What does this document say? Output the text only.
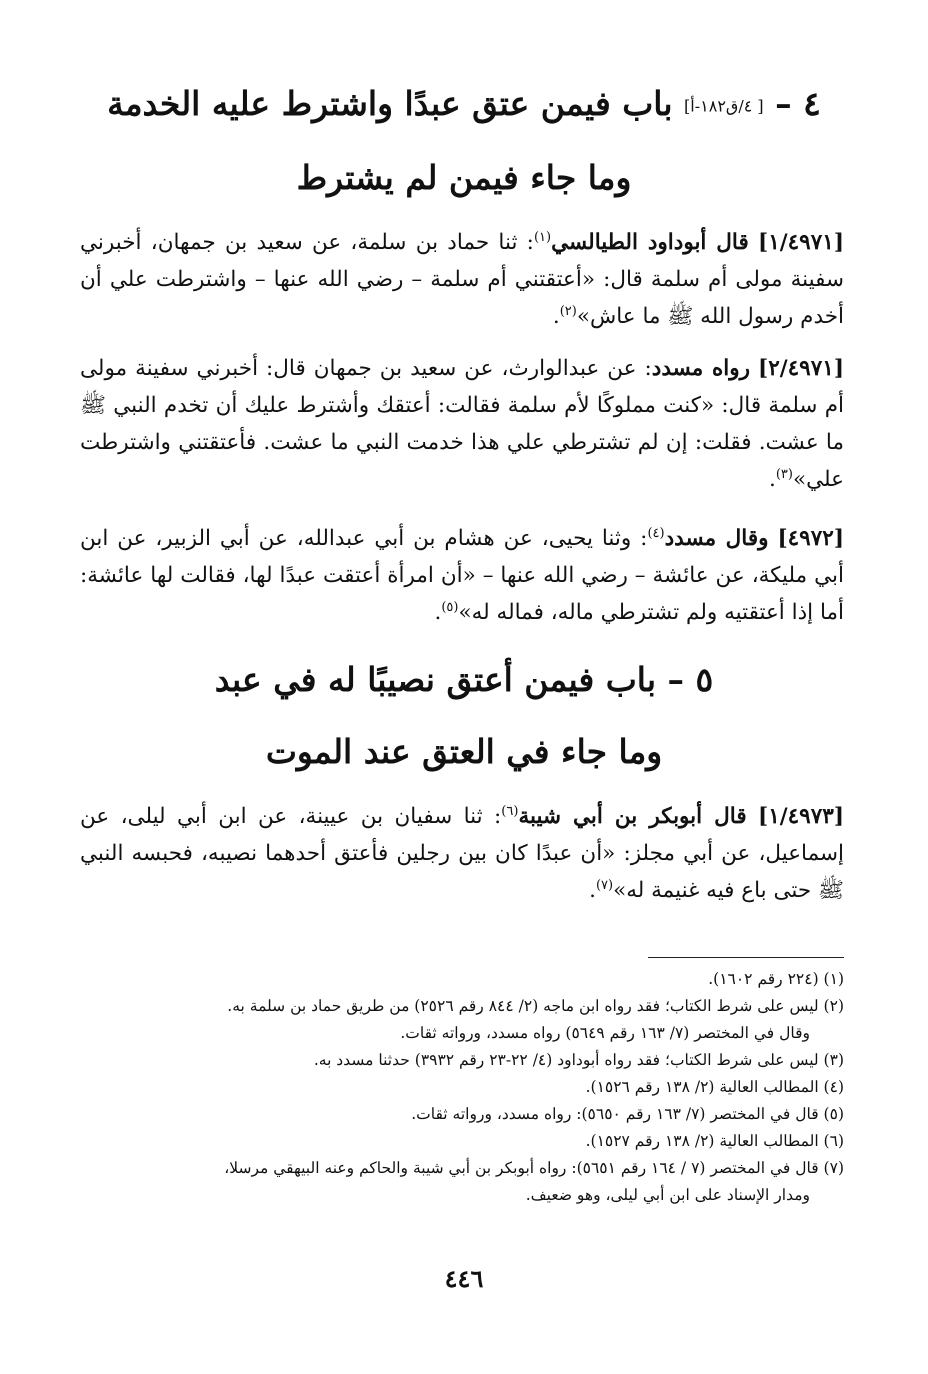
٤ – [ ٤/ق١٨٢-أ] باب فيمن عتق عبدًا واشترط عليه الخدمة
وما جاء فيمن لم يشترط
[١/٤٩٧١] قال أبوداود الطيالسي$^{(١)}$: ثنا حماد بن سلمة، عن سعيد بن جمهان، أخبرني سفينة مولى أم سلمة قال: «أعتقتني أم سلمة – رضي الله عنها – واشترطت علي أن أخدم رسول الله ﷺ ما عاش»$^{(٢)}$.
[٢/٤٩٧١] رواه مسدد: عن عبدالوارث، عن سعيد بن جمهان قال: أخبرني سفينة مولى أم سلمة قال: «كنت مملوكًا لأم سلمة فقالت: أعتقك وأشترط عليك أن تخدم النبي ﷺ ما عشت. فقلت: إن لم تشترطي علي هذا خدمت النبي ما عشت. فأعتقتني واشترطت علي»$^{(٣)}$.
[٤٩٧٢] وقال مسدد$^{(٤)}$: وثنا يحيى، عن هشام بن أبي عبدالله، عن أبي الزبير، عن ابن أبي مليكة، عن عائشة – رضي الله عنها – «أن امرأة أعتقت عبدًا لها، فقالت لها عائشة: أما إذا أعتقتيه ولم تشترطي ماله، فماله له»$^{(٥)}$.
٥ – باب فيمن أعتق نصيبًا له في عبد
وما جاء في العتق عند الموت
[١/٤٩٧٣] قال أبوبكر بن أبي شيبة$^{(٦)}$: ثنا سفيان بن عيينة، عن ابن أبي ليلى، عن إسماعيل، عن أبي مجلز: «أن عبدًا كان بين رجلين فأعتق أحدهما نصيبه، فحبسه النبي ﷺ حتى باع فيه غنيمة له»$^{(٧)}$.
(١) (٢٢٤ رقم ١٦٠٢).
(٢) ليس على شرط الكتاب؛ فقد رواه ابن ماجه (٢/ ٨٤٤ رقم ٢٥٢٦) من طريق حماد بن سلمة به.
وقال في المختصر (٧/ ١٦٣ رقم ٥٦٤٩) رواه مسدد، ورواته ثقات.
(٣) ليس على شرط الكتاب؛ فقد رواه أبوداود (٤/ ٢٢-٢٣ رقم ٣٩٣٢) حدثنا مسدد به.
(٤) المطالب العالية (٢/ ١٣٨ رقم ١٥٢٦).
(٥) قال في المختصر (٧/ ١٦٣ رقم ٥٦٥٠): رواه مسدد، ورواته ثقات.
(٦) المطالب العالية (٢/ ١٣٨ رقم ١٥٢٧).
(٧) قال في المختصر (٧ / ١٦٤ رقم ٥٦٥١): رواه أبوبكر بن أبي شيبة والحاكم وعنه البيهقي مرسلا،
ومدار الإسناد على ابن أبي ليلى، وهو ضعيف.
٤٤٦
